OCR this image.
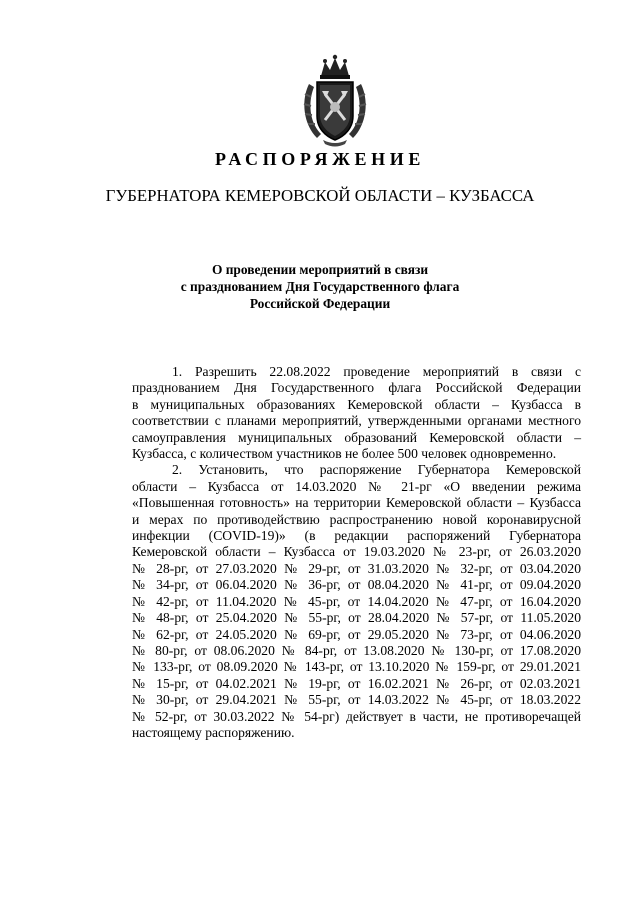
РАСПОРЯЖЕНИЕ
ГУБЕРНАТОРА КЕМЕРОВСКОЙ ОБЛАСТИ – КУЗБАССА
О проведении мероприятий в связи
с празднованием Дня Государственного флага
Российской Федерации
1. Разрешить 22.08.2022 проведение мероприятий в связи с
празднованием Дня Государственного флага Российской Федерации
в муниципальных образованиях Кемеровской области – Кузбасса в
соответствии с планами мероприятий, утвержденными органами местного
самоуправления муниципальных образований Кемеровской области –
Кузбасса, с количеством участников не более 500 человек одновременно.
2. Установить, что распоряжение Губернатора Кемеровской
области – Кузбасса от 14.03.2020 № 21-рг «О введении режима
«Повышенная готовность» на территории Кемеровской области – Кузбасса
и мерах по противодействию распространению новой коронавирусной
инфекции (COVID-19)» (в редакции распоряжений Губернатора
Кемеровской области – Кузбасса от 19.03.2020 № 23-рг, от 26.03.2020
№ 28-рг, от 27.03.2020 № 29-рг, от 31.03.2020 № 32-рг, от 03.04.2020
№ 34-рг, от 06.04.2020 № 36-рг, от 08.04.2020 № 41-рг, от 09.04.2020
№ 42-рг, от 11.04.2020 № 45-рг, от 14.04.2020 № 47-рг, от 16.04.2020
№ 48-рг, от 25.04.2020 № 55-рг, от 28.04.2020 № 57-рг, от 11.05.2020
№ 62-рг, от 24.05.2020 № 69-рг, от 29.05.2020 № 73-рг, от 04.06.2020
№ 80-рг, от 08.06.2020 № 84-рг, от 13.08.2020 № 130-рг, от 17.08.2020
№ 133-рг, от 08.09.2020 № 143-рг, от 13.10.2020 № 159-рг, от 29.01.2021
№ 15-рг, от 04.02.2021 № 19-рг, от 16.02.2021 № 26-рг, от 02.03.2021
№ 30-рг, от 29.04.2021 № 55-рг, от 14.03.2022 № 45-рг, от 18.03.2022
№ 52-рг, от 30.03.2022 № 54-рг) действует в части, не противоречащей
настоящему распоряжению.
